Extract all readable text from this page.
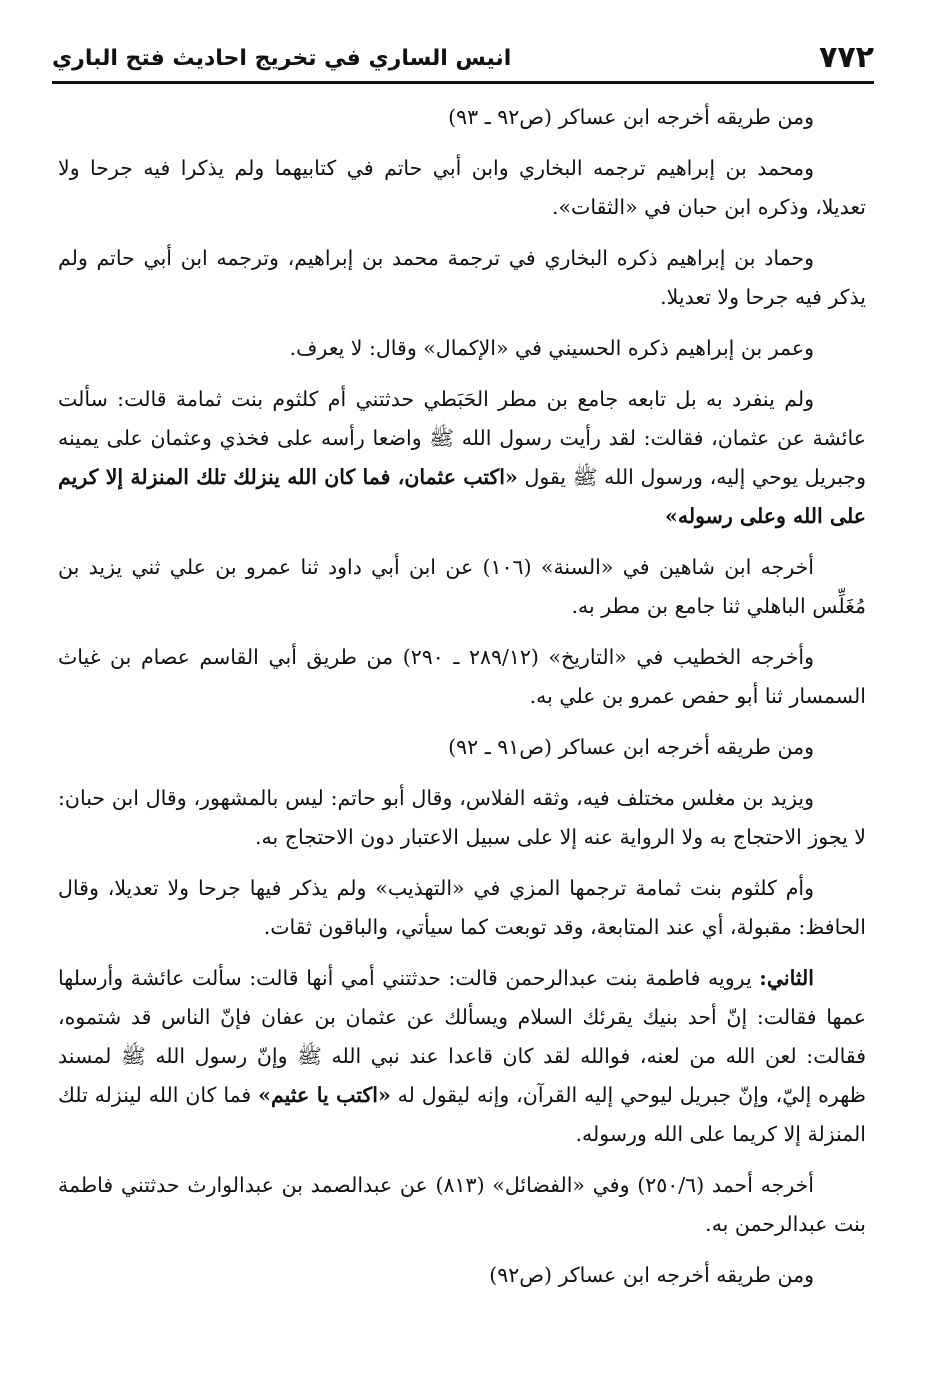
٧٧٢
انيس الساري في تخريج احاديث فتح الباري

ومن طريقه أخرجه ابن عساكر (ص٩٢ ـ ٩٣)

ومحمد بن إبراهيم ترجمه البخاري وابن أبي حاتم في كتابيهما ولم يذكرا فيه جرحا ولا تعديلا، وذكره ابن حبان في «الثقات».

وحماد بن إبراهيم ذكره البخاري في ترجمة محمد بن إبراهيم، وترجمه ابن أبي حاتم ولم يذكر فيه جرحا ولا تعديلا.

وعمر بن إبراهيم ذكره الحسيني في «الإكمال» وقال: لا يعرف.

ولم ينفرد به بل تابعه جامع بن مطر الحَبَطي حدثتني أم كلثوم بنت ثمامة قالت: سألت عائشة عن عثمان، فقالت: لقد رأيت رسول الله ﷺ واضعا رأسه على فخذي وعثمان على يمينه وجبريل يوحي إليه، ورسول الله ﷺ يقول «اكتب عثمان، فما كان الله ينزلك تلك المنزلة إلا كريم على الله وعلى رسوله»

أخرجه ابن شاهين في «السنة» (١٠٦) عن ابن أبي داود ثنا عمرو بن علي ثني يزيد بن مُغَلِّس الباهلي ثنا جامع بن مطر به.

وأخرجه الخطيب في «التاريخ» (٢٨٩/١٢ ـ ٢٩٠) من طريق أبي القاسم عصام بن غياث السمسار ثنا أبو حفص عمرو بن علي به.

ومن طريقه أخرجه ابن عساكر (ص٩١ ـ ٩٢)

ويزيد بن مغلس مختلف فيه، وثقه الفلاس، وقال أبو حاتم: ليس بالمشهور، وقال ابن حبان: لا يجوز الاحتجاج به ولا الرواية عنه إلا على سبيل الاعتبار دون الاحتجاج به.

وأم كلثوم بنت ثمامة ترجمها المزي في «التهذيب» ولم يذكر فيها جرحا ولا تعديلا، وقال الحافظ: مقبولة، أي عند المتابعة، وقد توبعت كما سيأتي، والباقون ثقات.

الثاني: يرويه فاطمة بنت عبدالرحمن قالت: حدثتني أمي أنها قالت: سألت عائشة وأرسلها عمها فقالت: إنّ أحد بنيك يقرئك السلام ويسألك عن عثمان بن عفان فإنّ الناس قد شتموه، فقالت: لعن الله من لعنه، فوالله لقد كان قاعدا عند نبي الله ﷺ وإنّ رسول الله ﷺ لمسند ظهره إليّ، وإنّ جبريل ليوحي إليه القرآن، وإنه ليقول له «اكتب يا عثيم» فما كان الله لينزله تلك المنزلة إلا كريما على الله ورسوله.

أخرجه أحمد (٢٥٠/٦) وفي «الفضائل» (٨١٣) عن عبدالصمد بن عبدالوارث حدثتني فاطمة بنت عبدالرحمن به.

ومن طريقه أخرجه ابن عساكر (ص٩٢)
